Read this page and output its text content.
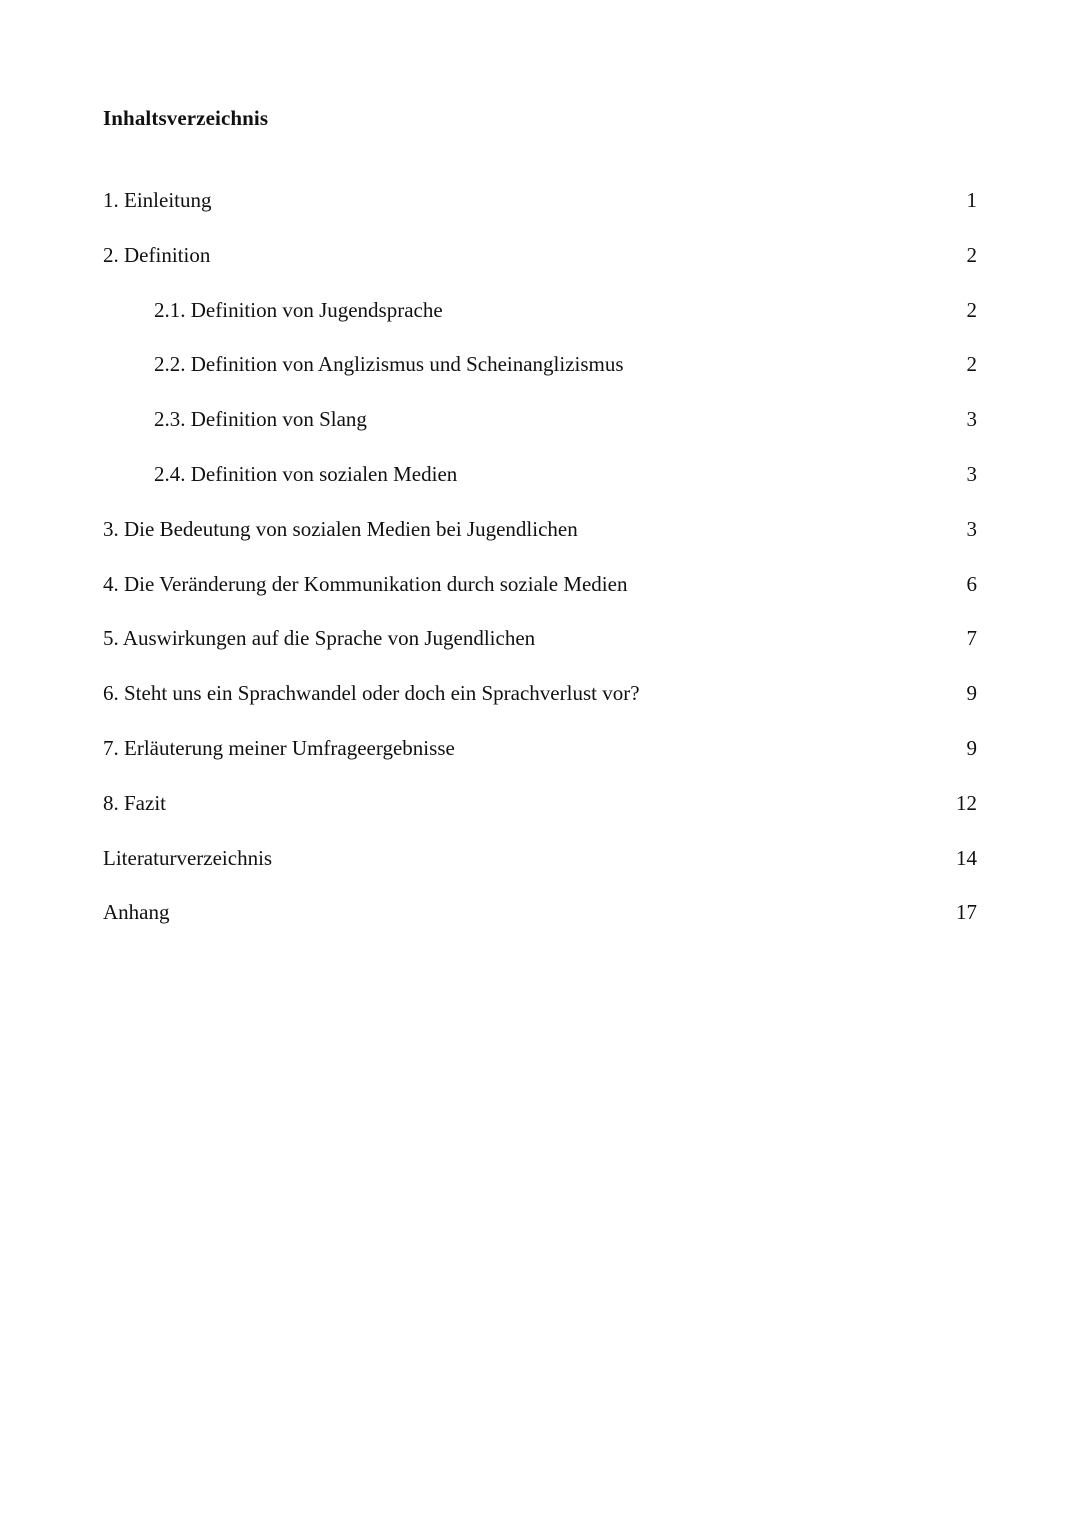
Inhaltsverzeichnis
1. Einleitung	1
2. Definition	2
2.1. Definition von Jugendsprache	2
2.2. Definition von Anglizismus und Scheinanglizismus	2
2.3. Definition von Slang	3
2.4. Definition von sozialen Medien	3
3. Die Bedeutung von sozialen Medien bei Jugendlichen	3
4. Die Veränderung der Kommunikation durch soziale Medien	6
5. Auswirkungen auf die Sprache von Jugendlichen	7
6. Steht uns ein Sprachwandel oder doch ein Sprachverlust vor?	9
7. Erläuterung meiner Umfrageergebnisse	9
8. Fazit	12
Literaturverzeichnis	14
Anhang	17
